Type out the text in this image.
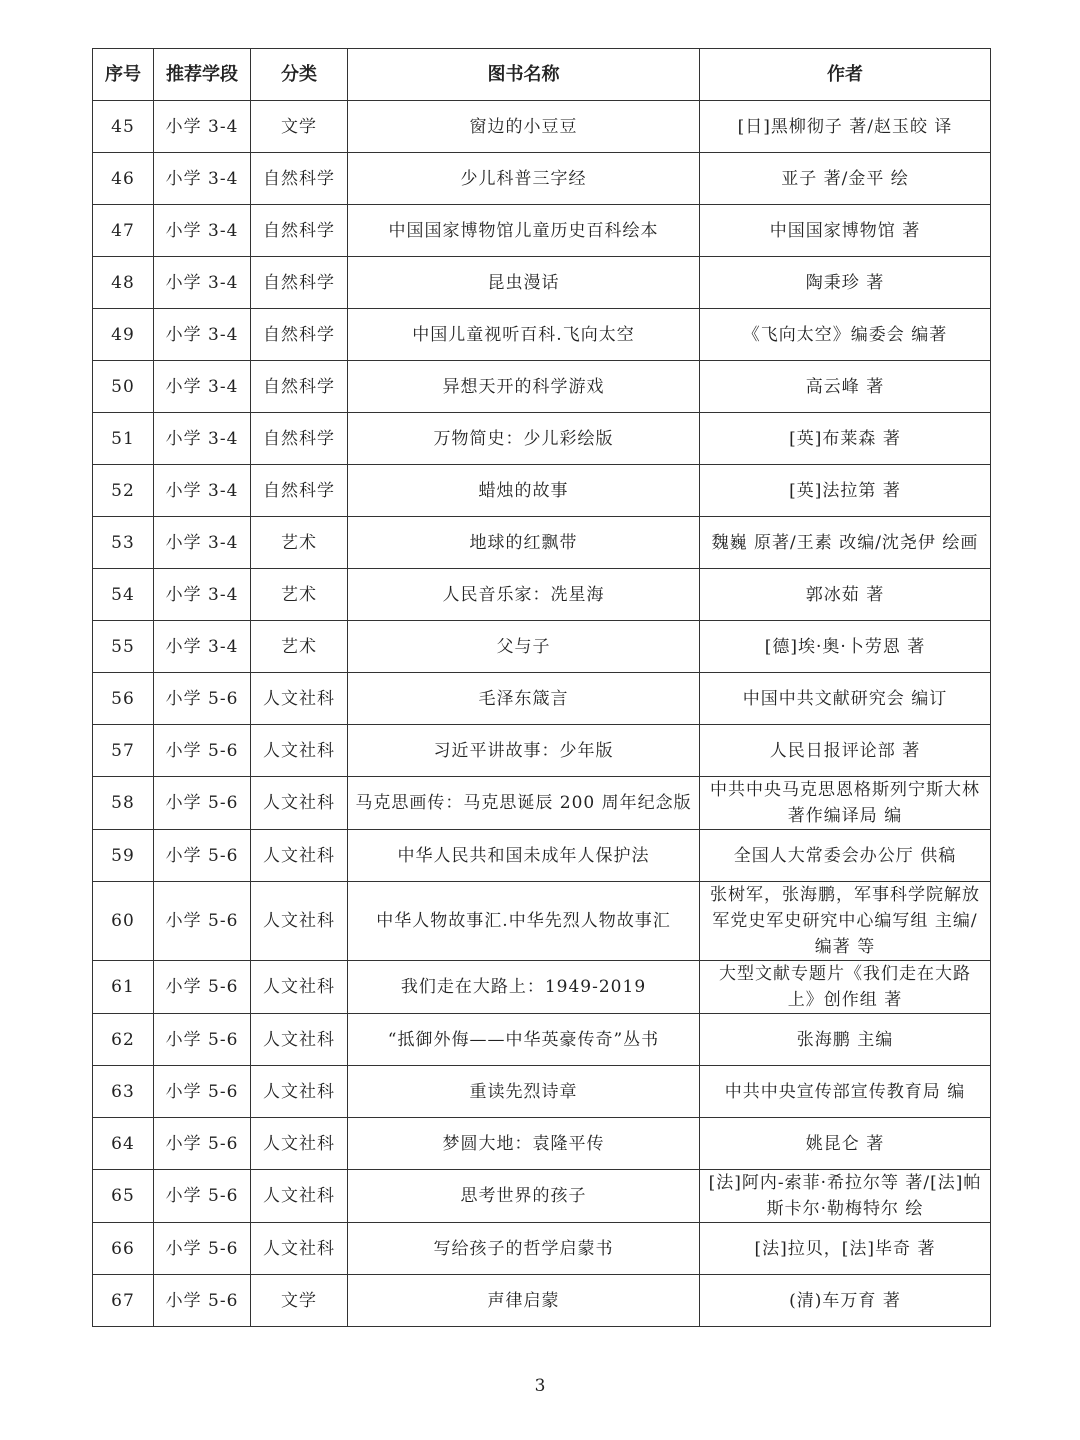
序号	推荐学段	分类	图书名称	作者
45	小学 3-4	文学	窗边的小豆豆	[日]黑柳彻子 著/赵玉皎 译
46	小学 3-4	自然科学	少儿科普三字经	亚子 著/金平 绘
47	小学 3-4	自然科学	中国国家博物馆儿童历史百科绘本	中国国家博物馆 著
48	小学 3-4	自然科学	昆虫漫话	陶秉珍 著
49	小学 3-4	自然科学	中国儿童视听百科.飞向太空	《飞向太空》编委会 编著
50	小学 3-4	自然科学	异想天开的科学游戏	高云峰 著
51	小学 3-4	自然科学	万物简史：少儿彩绘版	[英]布莱森 著
52	小学 3-4	自然科学	蜡烛的故事	[英]法拉第 著
53	小学 3-4	艺术	地球的红飘带	魏巍 原著/王素 改编/沈尧伊 绘画
54	小学 3-4	艺术	人民音乐家：冼星海	郭冰茹 著
55	小学 3-4	艺术	父与子	[德]埃·奥·卜劳恩 著
56	小学 5-6	人文社科	毛泽东箴言	中国中共文献研究会 编订
57	小学 5-6	人文社科	习近平讲故事：少年版	人民日报评论部 著
58	小学 5-6	人文社科	马克思画传：马克思诞辰 200 周年纪念版	中共中央马克思恩格斯列宁斯大林著作编译局 编
59	小学 5-6	人文社科	中华人民共和国未成年人保护法	全国人大常委会办公厅 供稿
60	小学 5-6	人文社科	中华人物故事汇.中华先烈人物故事汇	张树军，张海鹏，军事科学院解放军党史军史研究中心编写组 主编/编著 等
61	小学 5-6	人文社科	我们走在大路上：1949-2019	大型文献专题片《我们走在大路上》创作组 著
62	小学 5-6	人文社科	“抵御外侮——中华英豪传奇”丛书	张海鹏 主编
63	小学 5-6	人文社科	重读先烈诗章	中共中央宣传部宣传教育局 编
64	小学 5-6	人文社科	梦圆大地：袁隆平传	姚昆仑 著
65	小学 5-6	人文社科	思考世界的孩子	[法]阿内-索菲·希拉尔等 著/[法]帕斯卡尔·勒梅特尔 绘
66	小学 5-6	人文社科	写给孩子的哲学启蒙书	[法]拉贝，[法]毕奇 著
67	小学 5-6	文学	声律启蒙	(清)车万育 著
3
